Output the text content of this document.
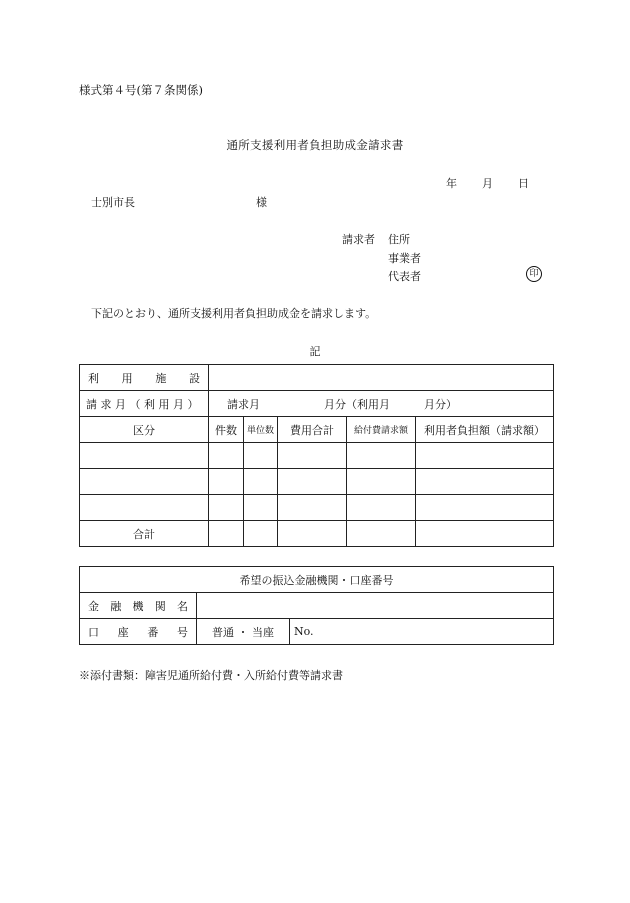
様式第４号(第７条関係)
通所支援利用者負担助成金請求書
年 月 日
士別市長	様
請求者 住所
事業者
代表者	印
下記のとおり、通所支援利用者負担助成金を請求します。
記
利 用 施 設					

請 求 月 （ 利 用 月 ）	請求月 月分（利用月 月分）				
区分	件数	単位数	費用合計	給付費請求額	利用者負担額（請求額）

合計					
希望の振込金融機関・口座番号		

金 融 機 関 名		

口 座 番 号	普通 ・ 当座	No.
※添付書類：障害児通所給付費・入所給付費等請求書
